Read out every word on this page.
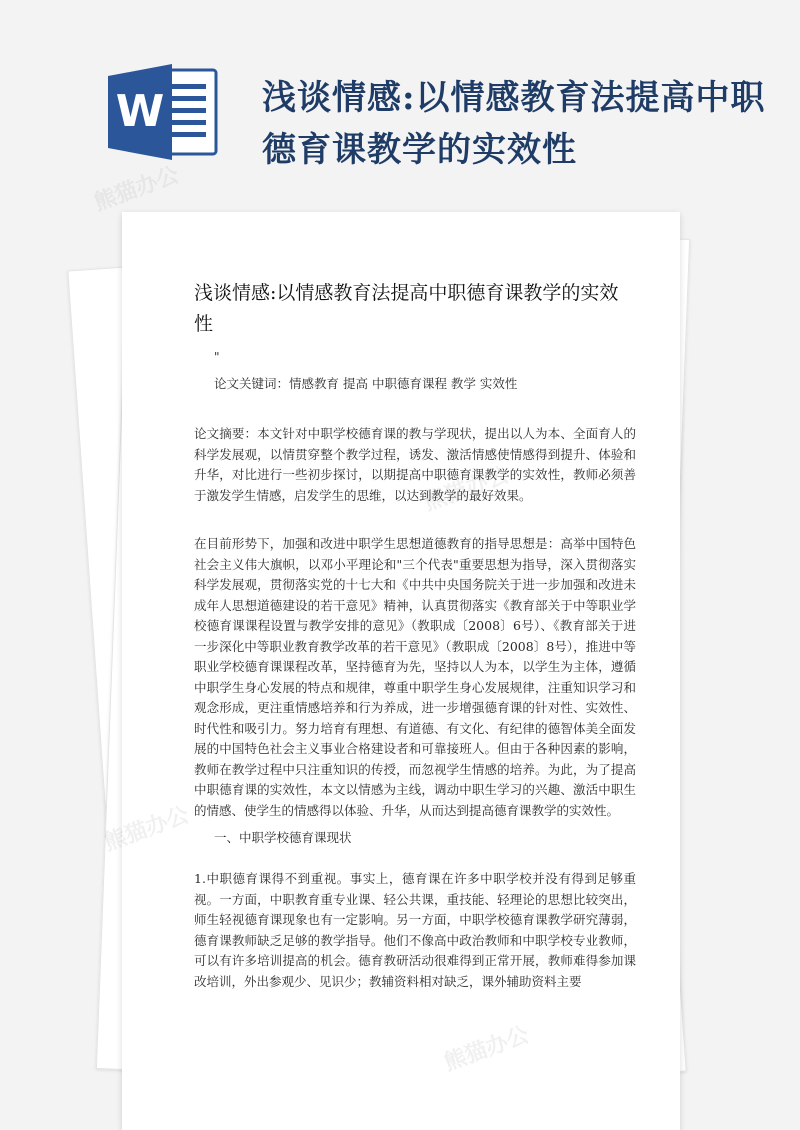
W	浅谈情感:以情感教育法提高中职德育课教学的实效性
熊猫办公
熊猫办公
熊猫办公
熊猫办公
浅谈情感:以情感教育法提高中职德育课教学的实效性
"
论文关键词：情感教育 提高 中职德育课程 教学 实效性

论文摘要：本文针对中职学校德育课的教与学现状，提出以人为本、全面育人的科学发展观，以情贯穿整个教学过程，诱发、激活情感使情感得到提升、体验和升华，对比进行一些初步探讨，以期提高中职德育课教学的实效性，教师必须善于激发学生情感，启发学生的思维，以达到教学的最好效果。

在目前形势下，加强和改进中职学生思想道德教育的指导思想是：高举中国特色社会主义伟大旗帜，以邓小平理论和"三个代表"重要思想为指导，深入贯彻落实科学发展观，贯彻落实党的十七大和《中共中央国务院关于进一步加强和改进未成年人思想道德建设的若干意见》精神，认真贯彻落实《教育部关于中等职业学校德育课课程设置与教学安排的意见》（教职成〔2008〕6号）、《教育部关于进一步深化中等职业教育教学改革的若干意见》（教职成〔2008〕8号），推进中等职业学校德育课课程改革，坚持德育为先，坚持以人为本，以学生为主体，遵循中职学生身心发展的特点和规律，尊重中职学生身心发展规律，注重知识学习和观念形成，更注重情感培养和行为养成，进一步增强德育课的针对性、实效性、时代性和吸引力。努力培育有理想、有道德、有文化、有纪律的德智体美全面发展的中国特色社会主义事业合格建设者和可靠接班人。但由于各种因素的影响，教师在教学过程中只注重知识的传授，而忽视学生情感的培养。为此，为了提高中职德育课的实效性，本文以情感为主线，调动中职生学习的兴趣、激活中职生的情感、使学生的情感得以体验、升华，从而达到提高德育课教学的实效性。

一、中职学校德育课现状

1.中职德育课得不到重视。事实上，德育课在许多中职学校并没有得到足够重视。一方面，中职教育重专业课、轻公共课，重技能、轻理论的思想比较突出，师生轻视德育课现象也有一定影响。另一方面，中职学校德育课教学研究薄弱，德育课教师缺乏足够的教学指导。他们不像高中政治教师和中职学校专业教师，可以有许多培训提高的机会。德育教研活动很难得到正常开展，教师难得参加课改培训，外出参观少、见识少；教辅资料相对缺乏，课外辅助资料主要
